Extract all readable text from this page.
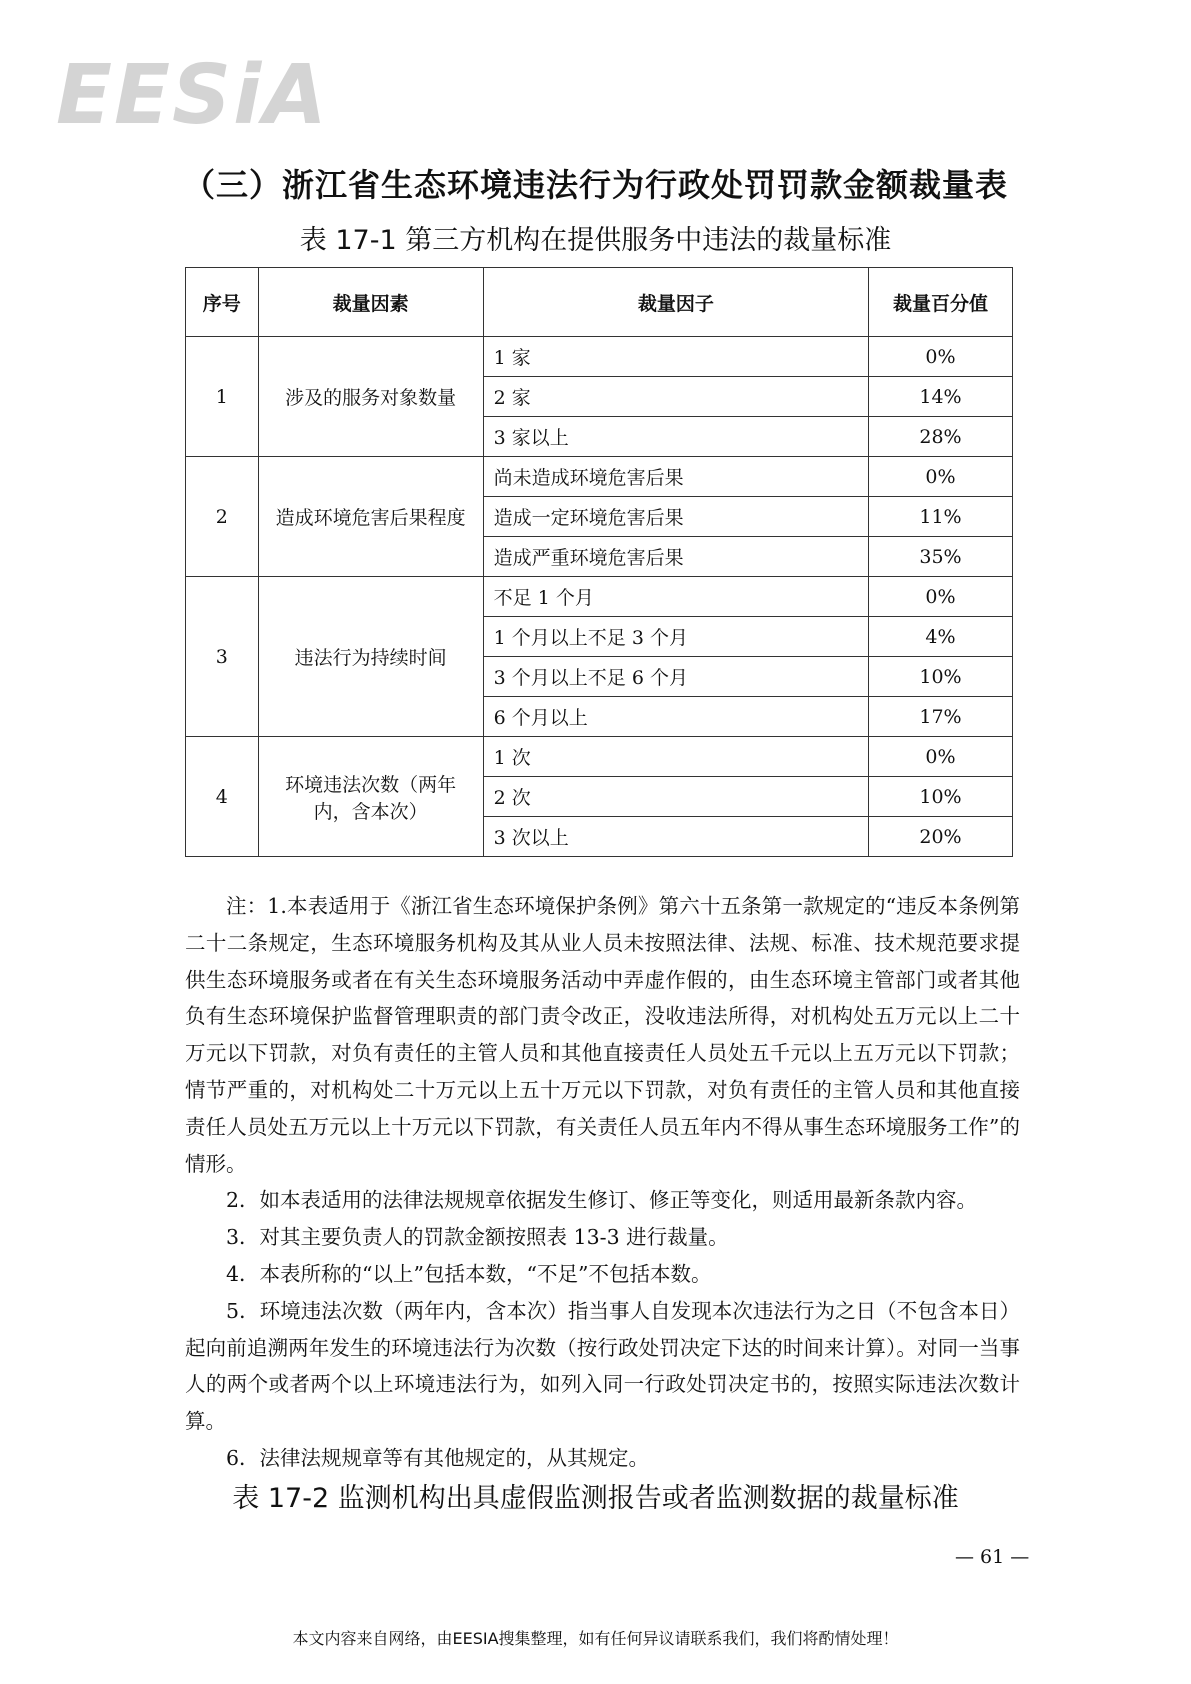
EESiA
（三）浙江省生态环境违法行为行政处罚罚款金额裁量表
表 17-1 第三方机构在提供服务中违法的裁量标准
序号	裁量因素	裁量因子	裁量百分值
1	涉及的服务对象数量	1 家	0%
		2 家	14%
		3 家以上	28%
2	造成环境危害后果程度	尚未造成环境危害后果	0%
		造成一定环境危害后果	11%
		造成严重环境危害后果	35%
3	违法行为持续时间	不足 1 个月	0%
		1 个月以上不足 3 个月	4%
		3 个月以上不足 6 个月	10%
		6 个月以上	17%
4	环境违法次数（两年内，含本次）	1 次	0%
		2 次	10%
		3 次以上	20%

注：1.本表适用于《浙江省生态环境保护条例》第六十五条第一款规定的“违反本条例第二十二条规定，生态环境服务机构及其从业人员未按照法律、法规、标准、技术规范要求提供生态环境服务或者在有关生态环境服务活动中弄虚作假的，由生态环境主管部门或者其他负有生态环境保护监督管理职责的部门责令改正，没收违法所得，对机构处五万元以上二十万元以下罚款，对负有责任的主管人员和其他直接责任人员处五千元以上五万元以下罚款；情节严重的，对机构处二十万元以上五十万元以下罚款，对负有责任的主管人员和其他直接责任人员处五万元以上十万元以下罚款，有关责任人员五年内不得从事生态环境服务工作”的情形。

2．如本表适用的法律法规规章依据发生修订、修正等变化，则适用最新条款内容。

3．对其主要负责人的罚款金额按照表 13-3 进行裁量。

4．本表所称的“以上”包括本数，“不足”不包括本数。

5．环境违法次数（两年内，含本次）指当事人自发现本次违法行为之日（不包含本日）起向前追溯两年发生的环境违法行为次数（按行政处罚决定下达的时间来计算）。对同一当事人的两个或者两个以上环境违法行为，如列入同一行政处罚决定书的，按照实际违法次数计算。

6．法律法规规章等有其他规定的，从其规定。

表 17-2 监测机构出具虚假监测报告或者监测数据的裁量标准
— 61 —
本文内容来自网络，由EESIA搜集整理，如有任何异议请联系我们，我们将酌情处理！
